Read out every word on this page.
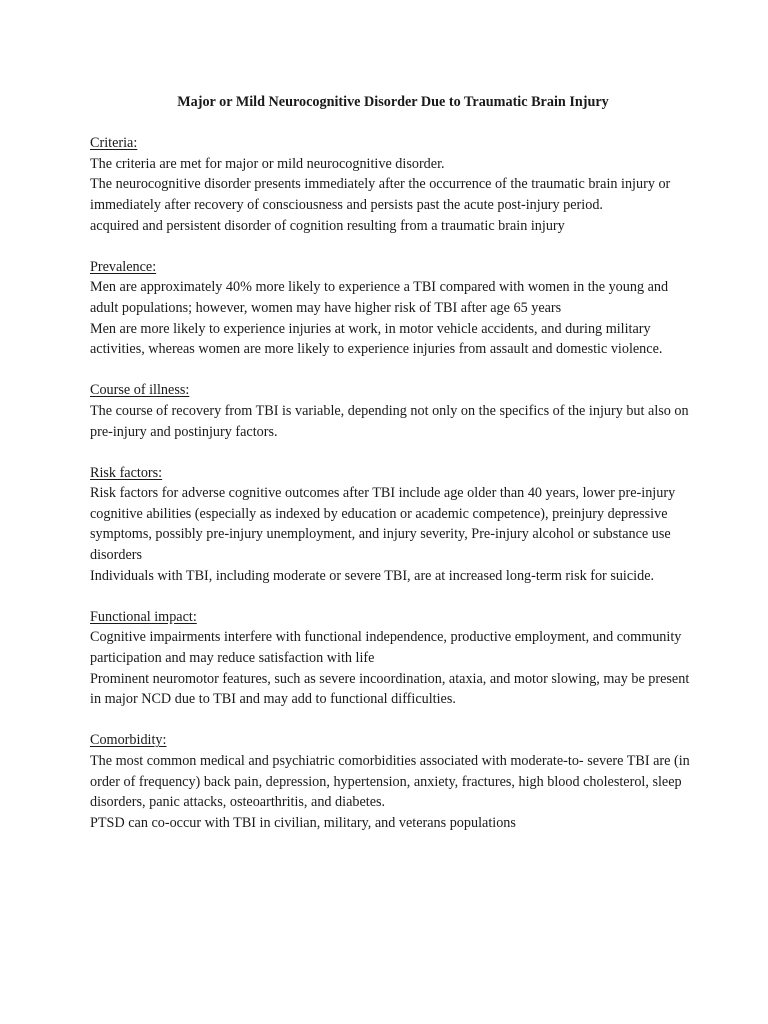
Major or Mild Neurocognitive Disorder Due to Traumatic Brain Injury
Criteria:
The criteria are met for major or mild neurocognitive disorder.
The neurocognitive disorder presents immediately after the occurrence of the traumatic brain injury or immediately after recovery of consciousness and persists past the acute post-injury period.
acquired and persistent disorder of cognition resulting from a traumatic brain injury
Prevalence:
Men are approximately 40% more likely to experience a TBI compared with women in the young and adult populations; however, women may have higher risk of TBI after age 65 years
Men are more likely to experience injuries at work, in motor vehicle accidents, and during military activities, whereas women are more likely to experience injuries from assault and domestic violence.
Course of illness:
The course of recovery from TBI is variable, depending not only on the specifics of the injury but also on pre-injury and postinjury factors.
Risk factors:
Risk factors for adverse cognitive outcomes after TBI include age older than 40 years, lower pre-injury cognitive abilities (especially as indexed by education or academic competence), preinjury depressive symptoms, possibly pre-injury unemployment, and injury severity, Pre-injury alcohol or substance use disorders
Individuals with TBI, including moderate or severe TBI, are at increased long-term risk for suicide.
Functional impact:
Cognitive impairments interfere with functional independence, productive employment, and community participation and may reduce satisfaction with life
Prominent neuromotor features, such as severe incoordination, ataxia, and motor slowing, may be present in major NCD due to TBI and may add to functional difficulties.
Comorbidity:
The most common medical and psychiatric comorbidities associated with moderate-to- severe TBI are (in order of frequency) back pain, depression, hypertension, anxiety, fractures, high blood cholesterol, sleep disorders, panic attacks, osteoarthritis, and diabetes.
PTSD can co-occur with TBI in civilian, military, and veterans populations
